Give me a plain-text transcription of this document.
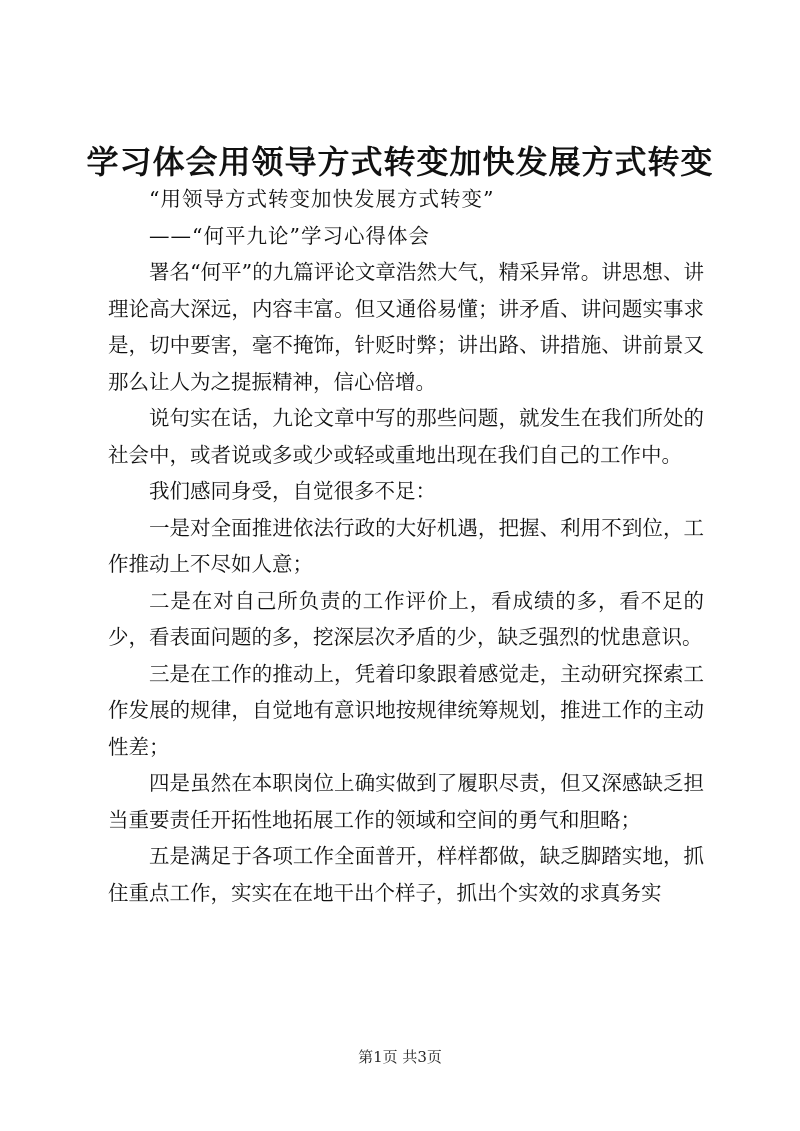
学习体会用领导方式转变加快发展方式转变

“用领导方式转变加快发展方式转变”

——“何平九论”学习心得体会

署名“何平”的九篇评论文章浩然大气，精采异常。讲思想、讲理论高大深远，内容丰富。但又通俗易懂；讲矛盾、讲问题实事求是，切中要害，毫不掩饰，针贬时弊；讲出路、讲措施、讲前景又那么让人为之提振精神，信心倍增。

说句实在话，九论文章中写的那些问题，就发生在我们所处的社会中，或者说或多或少或轻或重地出现在我们自己的工作中。

我们感同身受，自觉很多不足：

一是对全面推进依法行政的大好机遇，把握、利用不到位，工作推动上不尽如人意；

二是在对自己所负责的工作评价上，看成绩的多，看不足的少，看表面问题的多，挖深层次矛盾的少，缺乏强烈的忧患意识。

三是在工作的推动上，凭着印象跟着感觉走，主动研究探索工作发展的规律，自觉地有意识地按规律统筹规划，推进工作的主动性差；

四是虽然在本职岗位上确实做到了履职尽责，但又深感缺乏担当重要责任开拓性地拓展工作的领域和空间的勇气和胆略；

五是满足于各项工作全面普开，样样都做，缺乏脚踏实地，抓住重点工作，实实在在地干出个样子，抓出个实效的求真务实

第1页 共3页
